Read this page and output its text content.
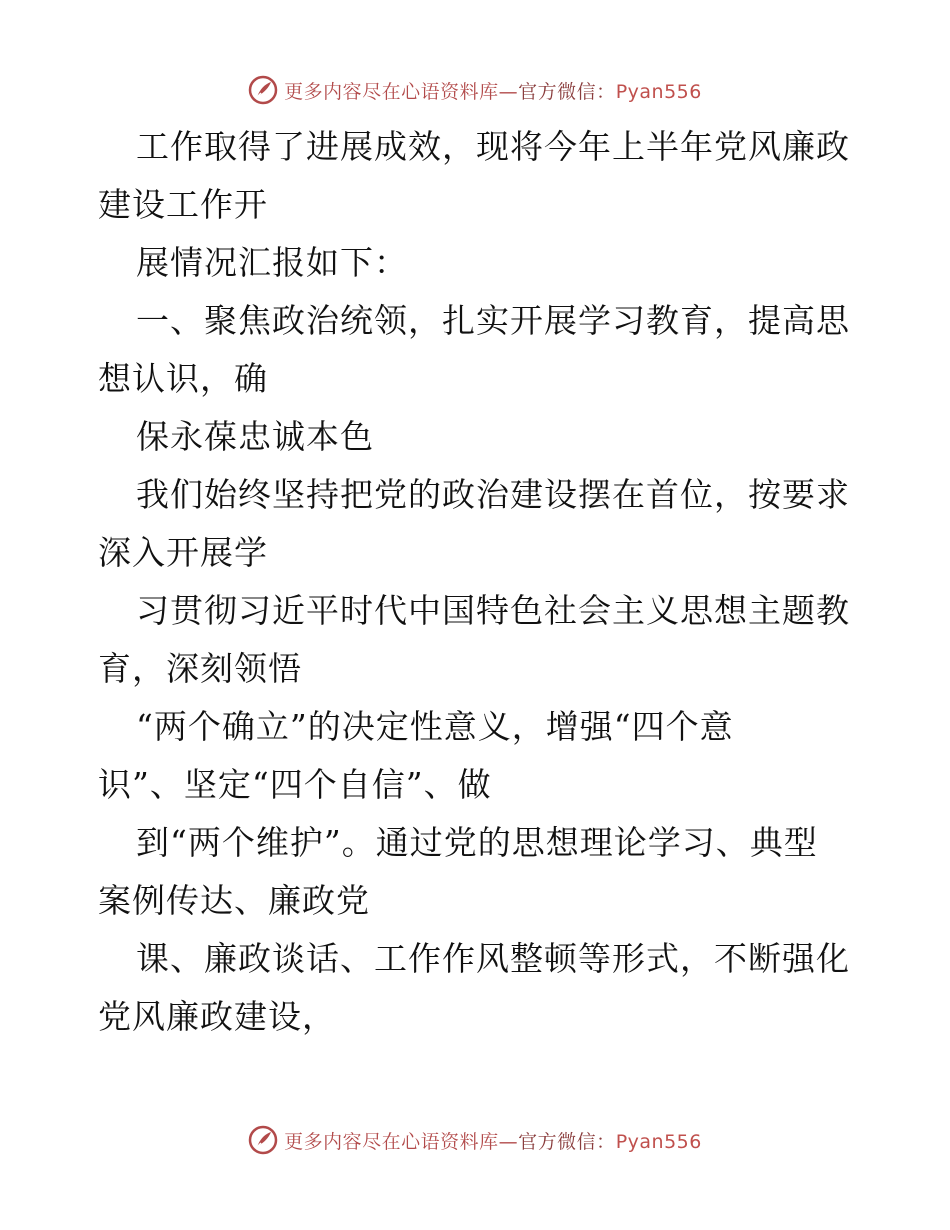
更多内容尽在心语资料库—官方微信：Pyan556
工作取得了进展成效，现将今年上半年党风廉政
建设工作开
展情况汇报如下：
一、聚焦政治统领，扎实开展学习教育，提高思
想认识，确
保永葆忠诚本色
我们始终坚持把党的政治建设摆在首位，按要求
深入开展学
习贯彻习近平时代中国特色社会主义思想主题教
育，深刻领悟
“两个确立”的决定性意义，增强“四个意
识”、坚定“四个自信”、做
到“两个维护”。通过党的思想理论学习、典型
案例传达、廉政党
课、廉政谈话、工作作风整顿等形式，不断强化
党风廉政建设，
更多内容尽在心语资料库—官方微信：Pyan556
